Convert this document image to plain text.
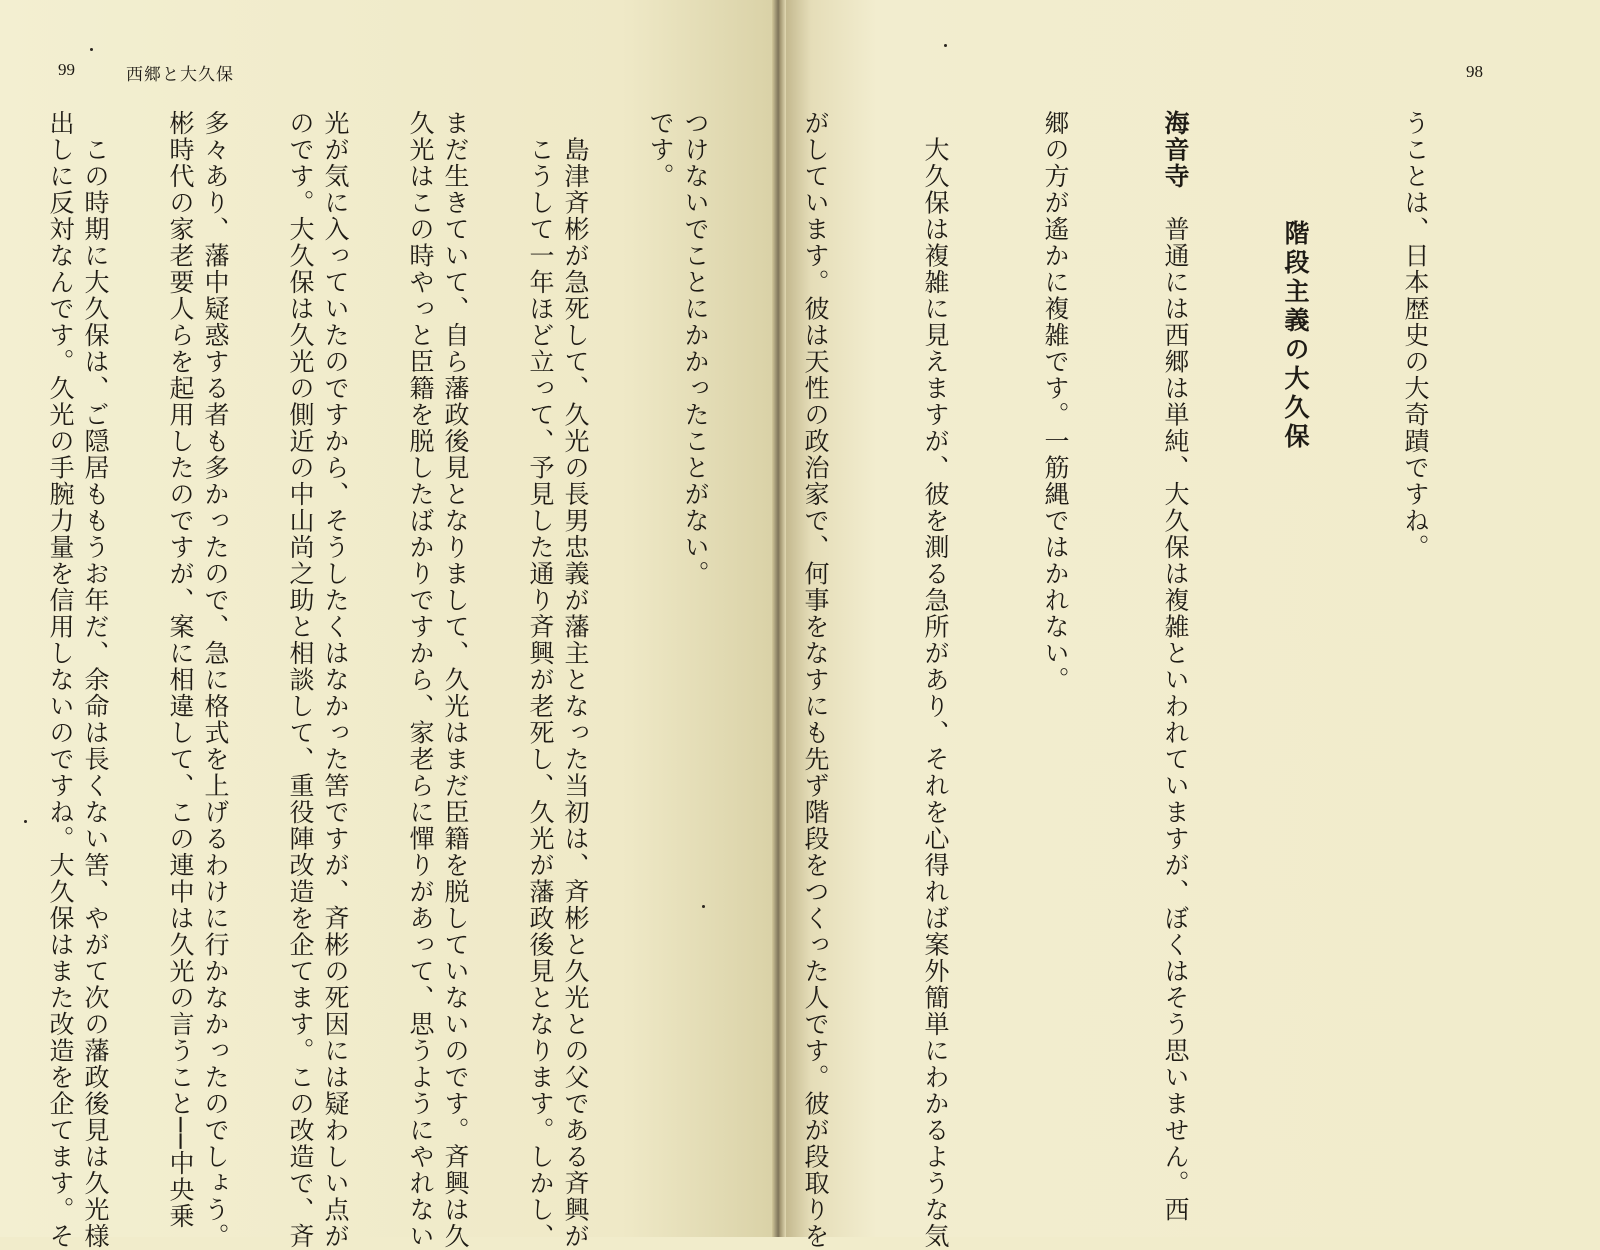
99	西郷と大久保	98

うことは、日本歴史の大奇蹟ですね。

階段主義の大久保

海音寺　普通には西郷は単純、大久保は複雑といわれていますが、ぼくはそう思いません。西

郷の方が遙かに複雑です。一筋縄ではかれない。

　大久保は複雑に見えますが、彼を測る急所があり、それを心得れば案外簡単にわかるような気

がしています。彼は天性の政治家で、何事をなすにも先ず階段をつくった人です。彼が段取りを

つけないでことにかかったことがない。

　島津斉彬が急死して、久光の長男忠義が藩主となった当初は、斉彬と久光との父である斉興が

まだ生きていて、自ら藩政後見となりまして、久光はまだ臣籍を脱していないのです。斉興は久

光が気に入っていたのですから、そうしたくはなかった筈ですが、斉彬の死因には疑わしい点が

多々あり、藩中疑惑する者も多かったので、急に格式を上げるわけに行かなかったのでしょう。

　この時期に大久保は、ご隠居ももうお年だ、余命は長くない筈、やがて次の藩政後見は久光様

	です。

　こうして一年ほど立って、予見した通り斉興が老死し、久光が藩政後見となります。しかし、

久光はこの時やっと臣籍を脱したばかりですから、家老らに憚りがあって、思うようにやれない

のです。大久保は久光の側近の中山尚之助と相談して、重役陣改造を企てます。この改造で、斉

彬時代の家老要人らを起用したのですが、案に相違して、この連中は久光の言うこと──中央乗

出しに反対なんです。久光の手腕力量を信用しないのですね。大久保はまた改造を企てます。そ
